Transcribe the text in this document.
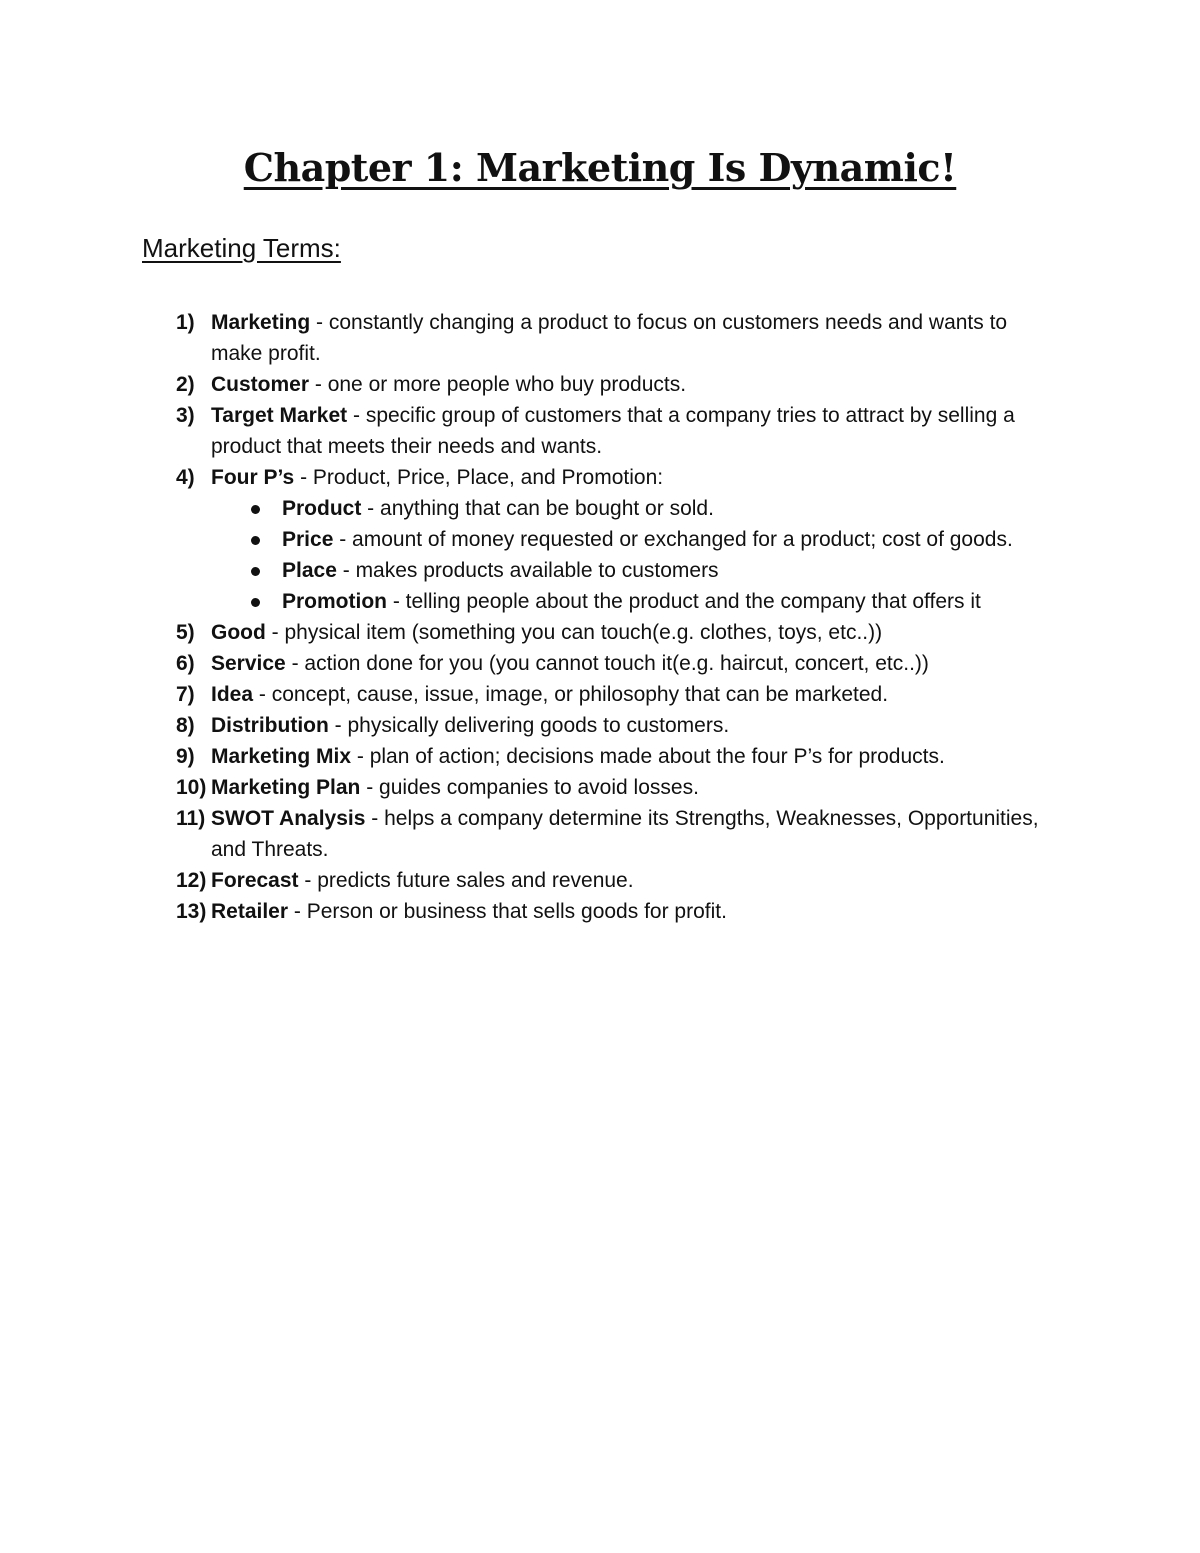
Chapter 1: Marketing Is Dynamic!
Marketing Terms:
1) Marketing - constantly changing a product to focus on customers needs and wants to make profit.
2) Customer - one or more people who buy products.
3) Target Market - specific group of customers that a company tries to attract by selling a product that meets their needs and wants.
4) Four P’s - Product, Price, Place, and Promotion:
Product - anything that can be bought or sold.
Price - amount of money requested or exchanged for a product; cost of goods.
Place - makes products available to customers
Promotion - telling people about the product and the company that offers it
5) Good - physical item (something you can touch(e.g. clothes, toys, etc..))
6) Service - action done for you (you cannot touch it(e.g. haircut, concert, etc..))
7) Idea - concept, cause, issue, image, or philosophy that can be marketed.
8) Distribution - physically delivering goods to customers.
9) Marketing Mix - plan of action; decisions made about the four P’s for products.
10) Marketing Plan - guides companies to avoid losses.
11) SWOT Analysis - helps a company determine its Strengths, Weaknesses, Opportunities, and Threats.
12) Forecast - predicts future sales and revenue.
13) Retailer - Person or business that sells goods for profit.
